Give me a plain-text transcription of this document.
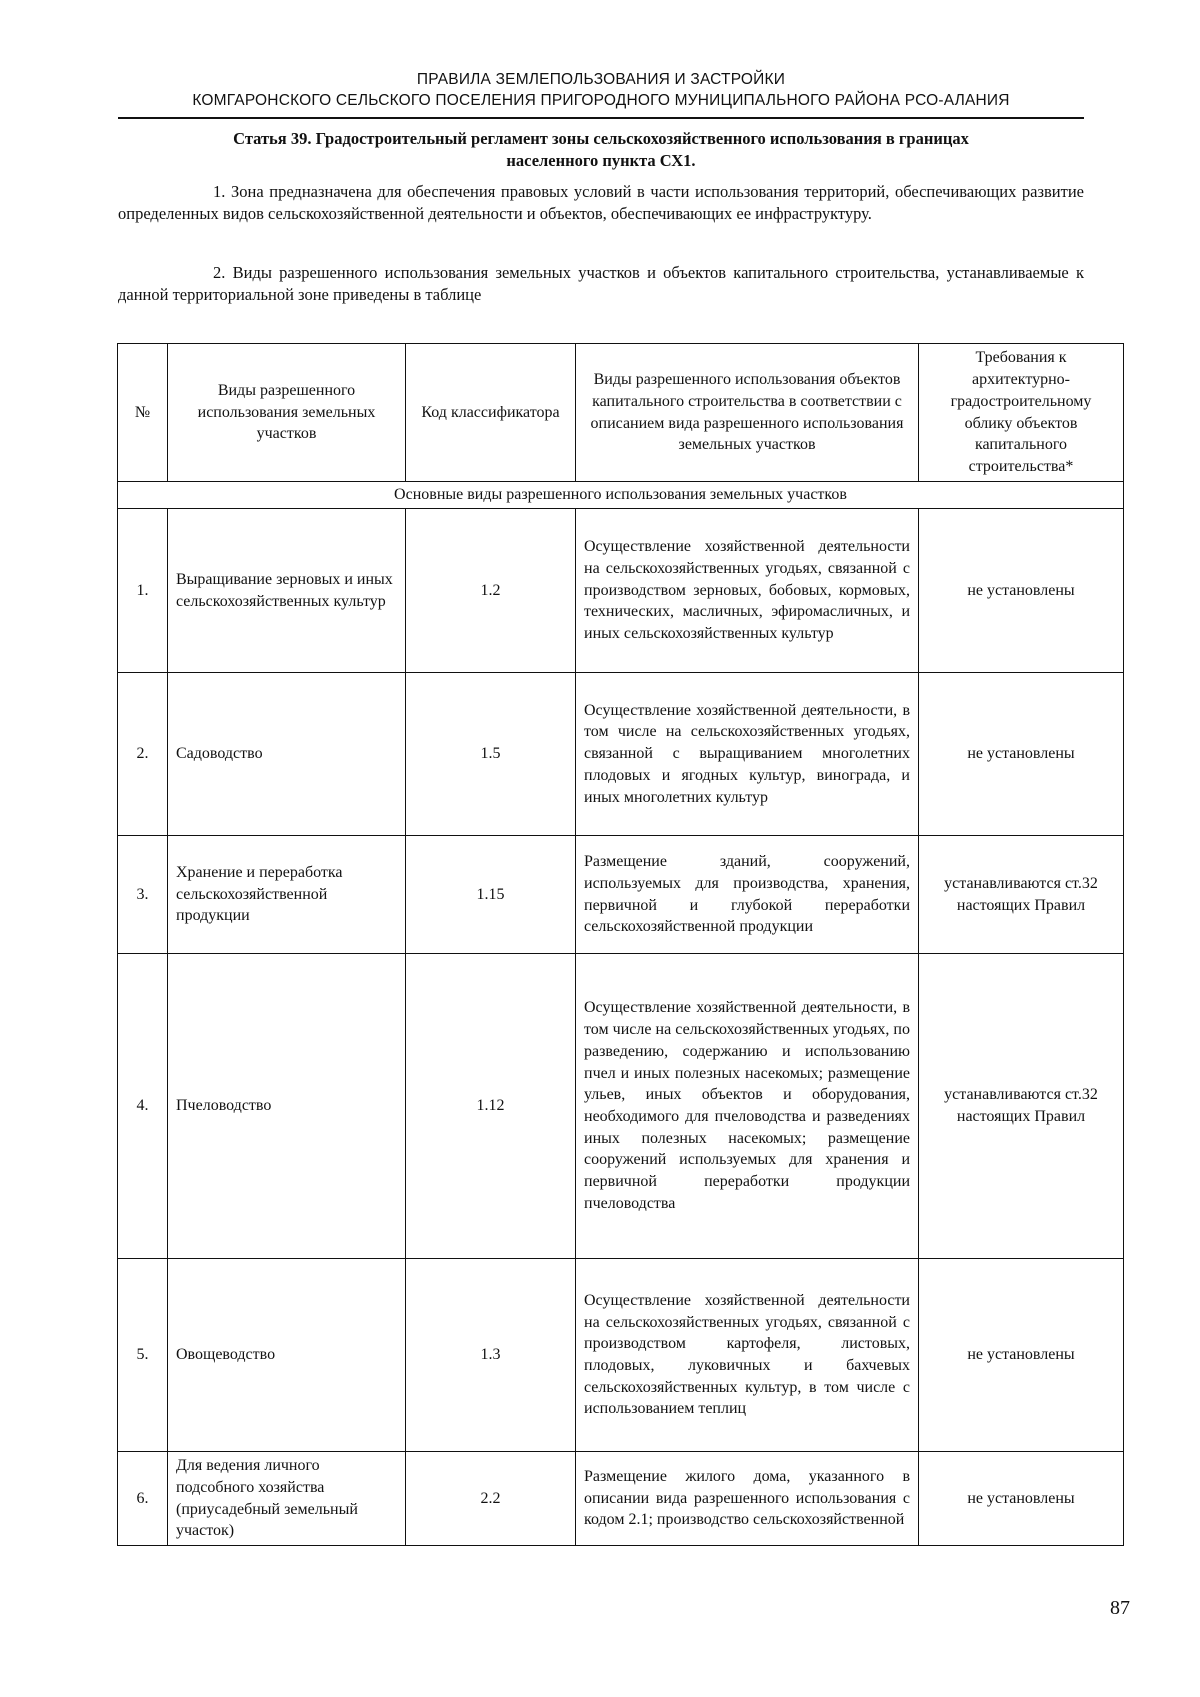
ПРАВИЛА ЗЕМЛЕПОЛЬЗОВАНИЯ И ЗАСТРОЙКИ
КОМГАРОНСКОГО СЕЛЬСКОГО ПОСЕЛЕНИЯ ПРИГОРОДНОГО МУНИЦИПАЛЬНОГО РАЙОНА РСО-АЛАНИЯ
Статья 39. Градостроительный регламент зоны сельскохозяйственного использования в границах
населенного пункта СХ1.
1. Зона предназначена для обеспечения правовых условий в части использования территорий, обеспечивающих развитие определенных видов сельскохозяйственной деятельности и объектов, обеспечивающих ее инфраструктуру.
2. Виды разрешенного использования земельных участков и объектов капитального строительства, устанавливаемые к данной территориальной зоне приведены в таблице
№	Виды разрешенного использования земельных участков	Код классификатора	Виды разрешенного использования объектов капитального строительства в соответствии с описанием вида разрешенного использования земельных участков	Требования к архитектурно-градостроительному облику объектов капитального строительства*
Основные виды разрешенного использования земельных участков				
1.	Выращивание зерновых и иных сельскохозяйственных культур	1.2	Осуществление хозяйственной деятельности на сельскохозяйственных угодьях, связанной с производством зерновых, бобовых, кормовых, технических, масличных, эфиромасличных, и иных сельскохозяйственных культур	не установлены
2.	Садоводство	1.5	Осуществление хозяйственной деятельности, в том числе на сельскохозяйственных угодьях, связанной с выращиванием многолетних плодовых и ягодных культур, винограда, и иных многолетних культур	не установлены
3.	Хранение и переработка сельскохозяйственной продукции	1.15	Размещение зданий, сооружений, используемых для производства, хранения, первичной и глубокой переработки сельскохозяйственной продукции	устанавливаются ст.32 настоящих Правил
4.	Пчеловодство	1.12	Осуществление хозяйственной деятельности, в том числе на сельскохозяйственных угодьях, по разведению, содержанию и использованию пчел и иных полезных насекомых; размещение ульев, иных объектов и оборудования, необходимого для пчеловодства и разведениях иных полезных насекомых; размещение сооружений используемых для хранения и первичной переработки продукции пчеловодства	устанавливаются ст.32 настоящих Правил
5.	Овощеводство	1.3	Осуществление хозяйственной деятельности на сельскохозяйственных угодьях, связанной с производством картофеля, листовых, плодовых, луковичных и бахчевых сельскохозяйственных культур, в том числе с использованием теплиц	не установлены
6.	Для ведения личного подсобного хозяйства (приусадебный земельный участок)	2.2	Размещение жилого дома, указанного в описании вида разрешенного использования с кодом 2.1; производство сельскохозяйственной	не установлены
87
